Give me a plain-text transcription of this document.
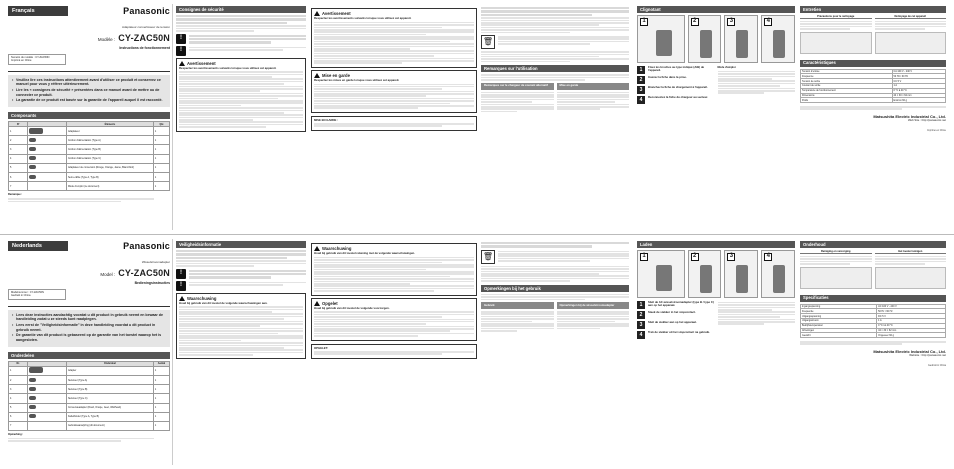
Français	Panasonic
Adaptateur convertisseur de tension
Modèle : CY-ZAC50N
Instructions de fonctionnement
Numéro du modèle : CY-ZAC50N
Imprimé en Chine
• Veuillez lire ces instructions attentivement avant d'utiliser ce produit et conservez ce manuel pour vous y référer ultérieurement.
• Lire les « consignes de sécurité » présentées dans ce manuel avant de mettre ou de connecter ce produit.
• La garantie de ce produit est basée sur la garantie de l'appareil auquel il est raccordé.
Composants
N°		Éléments	Qté
1		Adaptateur	1
2		Cordon d'alimentation (Type A)	1
3		Cordon d'alimentation (Type B)	1
4		Cordon d'alimentation (Type C)	1
5		Adaptateur de conversion (Rouge, Orange, Jaune, Blanc/Noir)	1
6		Serre-câble (Type A, Type B)	1
7		Mode d'emploi (ce document)	1
Remarque :
Consignes de sécurité
!
!
Avertissement
Respectez les avertissements suivants lorsque vous utilisez cet appareil.
Avertissement
Respectez les avertissements suivants lorsque vous utilisez cet appareil.
Mise en garde
Respectez les mises en garde lorsque vous utilisez cet appareil.
MISE EN GARDE :
🗑
Remarques sur l'utilisation
Remarques sur le chargeur de courant alternatif	Mise en garde
Clignotant
1	2	3	4
1	Fixez les broches au type indiqué (A/B) de l'appareil.
2	Insérez la fiche dans la prise.
3	Branchez la fiche de chargement à l'appareil.
4	Reconnectez la fiche du chargeur au secteur.
Mode d'emploi
Entretien
Précautions pour le nettoyage	Nettoyage de cet appareil
Caractéristiques
Tension d'entrée	CA 100 V - 240 V
Fréquence	50 Hz / 60 Hz
Tension de sortie	CC 5 V
Courant de sortie	1 A
Température de fonctionnement	0 °C à 40 °C
Dimensions	44 × 30 × 62 mm
Poids	Environ 60 g
Matsushita Electric Industrial Co., Ltd.
Web Site : http://panasonic.net
Imprimé en Chine
Nederlands	Panasonic
Wisselstroomadapter
Model : CY-ZAC50N
Bedieningsinstructies
Modelnummer : CY-ZAC50N
Gedrukt in China
• Lees deze instructies aandachtig voordat u dit product in gebruik neemt en bewaar de handleiding zodat u ze steeds kunt raadplegen.
• Lees eerst de "Veiligheidsinformatie" in deze handleiding voordat u dit product in gebruik neemt.
• De garantie van dit product is gebaseerd op de garantie van het toestel waarop het is aangesloten.
Onderdelen
Nr.		Onderdeel	Aantal
1		Adapter	1
2		Netsnoer (Type A)	1
3		Netsnoer (Type B)	1
4		Netsnoer (Type C)	1
5		Conversieadapter (Rood, Oranje, Geel, Wit/Zwart)	1
6		Kabelbinder (Type A, Type B)	1
7		Gebruiksaanwijzing (dit document)	1
Opmerking :
Veiligheidsinformatie
!
!
Waarschuwing
Houd bij gebruik van dit toestel de volgende waarschuwingen aan.
Waarschuwing
Houd bij gebruik van dit toestel rekening met de volgende waarschuwingen.
Opgelet
Houd bij gebruik van dit toestel de volgende voorzorgen.
OPGELET:
🗑
Opmerkingen bij het gebruik
Gebruik	Opmerkingen bij de wisselstroomadapter
Laden
1	2	3	4
1	Sluit de AC-wisselstroomadapter (type B / type C) aan op het apparaat.
2	Steek de stekker in het stopcontact.
3	Sluit de stekker aan op het apparaat.
4	Trek de stekker uit het stopcontact na gebruik.
Onderhoud
Reiniging en verzorging	Het toestel reinigen
Specificaties
Ingangsspanning	AC 100 V - 240 V
Frequentie	50 Hz / 60 Hz
Uitgangsspanning	DC 5 V
Uitgangsstroom	1 A
Bedrijfstemperatuur	0 °C tot 40 °C
Afmetingen	44 × 30 × 62 mm
Gewicht	Ongeveer 60 g
Matsushita Electric Industrial Co., Ltd.
Website : http://panasonic.net
Gedrukt in China
